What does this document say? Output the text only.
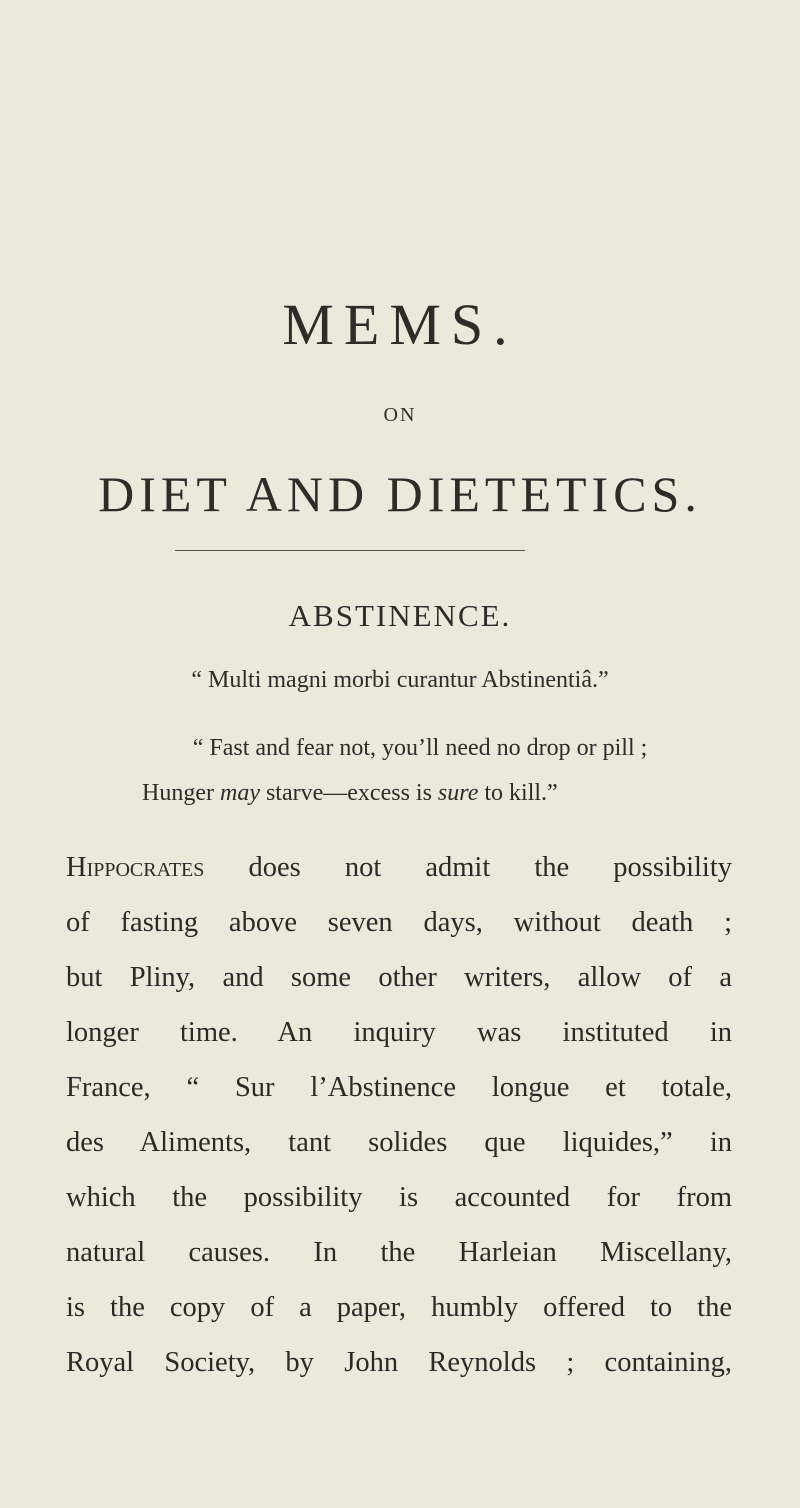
MEMS.
ON
DIET AND DIETETICS.
ABSTINENCE.
“ Multi magni morbi curantur Abstinentiâ.”
“ Fast and fear not, you’ll need no drop or pill ;
Hunger may starve—excess is sure to kill.”
Hippocrates does not admit the possibility
of fasting above seven days, without death ;
but Pliny, and some other writers, allow of a
longer time. An inquiry was instituted in
France, “ Sur l’Abstinence longue et totale,
des Aliments, tant solides que liquides,” in
which the possibility is accounted for from
natural causes. In the Harleian Miscellany,
is the copy of a paper, humbly offered to the
Royal Society, by John Reynolds ; containing,
